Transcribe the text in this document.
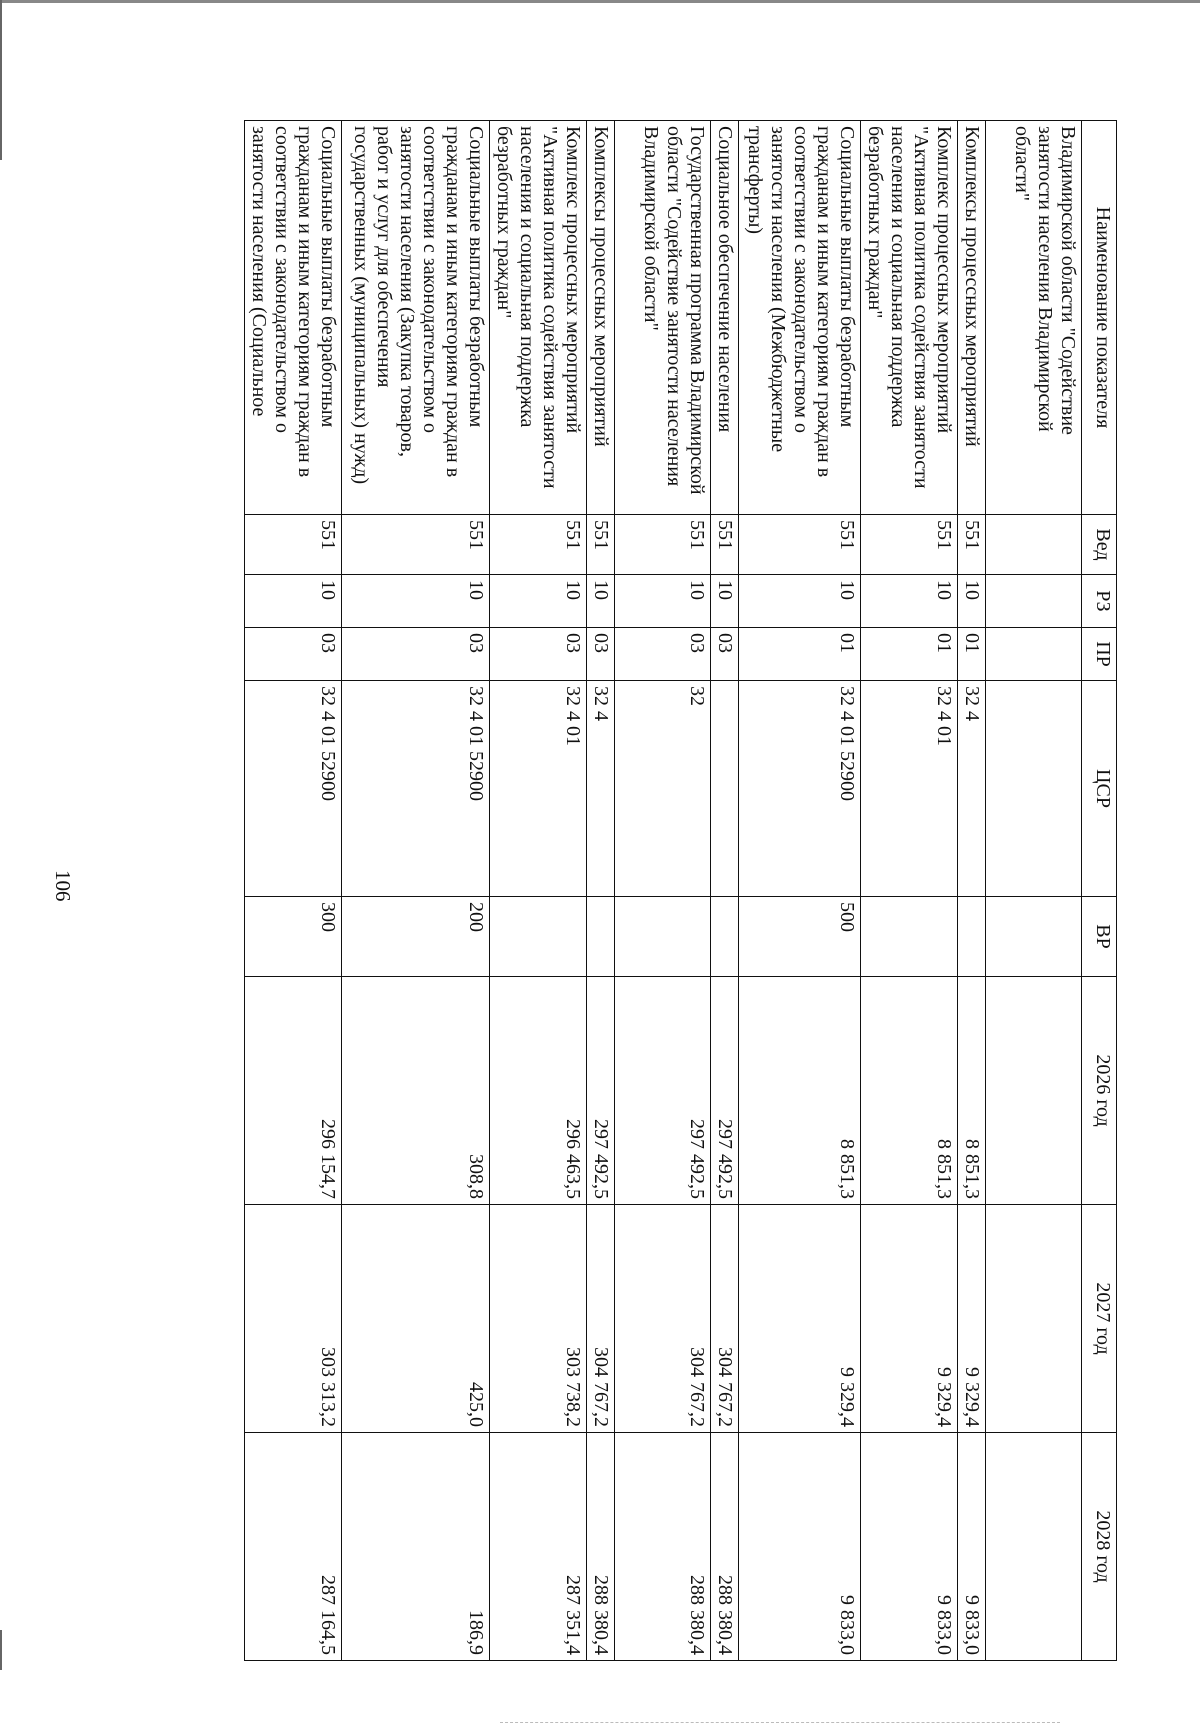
106
Наименование показателя	Вед	РЗ	ПР	ЦСР	ВР	2026 год	2027 год	2028 год
Владимирской области "Содействие занятости населения Владимирской области"								
Комплексы процессных мероприятий	551	10	01	32 4		8 851,3	9 329,4	9 833,0
Комплекс процессных мероприятий "Активная политика содействия занятости населения и социальная поддержка безработных граждан"	551	10	01	32 4 01		8 851,3	9 329,4	9 833,0
Социальные выплаты безработным гражданам и иным категориям граждан в соответствии с законодательством о занятости населения (Межбюджетные трансферты)	551	10	01	32 4 01 52900	500	8 851,3	9 329,4	9 833,0
Социальное обеспечение населения	551	10	03			297 492,5	304 767,2	288 380,4
Государственная программа Владимирской области "Содействие занятости населения Владимирской области"	551	10	03	32		297 492,5	304 767,2	288 380,4
Комплексы процессных мероприятий	551	10	03	32 4		297 492,5	304 767,2	288 380,4
Комплекс процессных мероприятий "Активная политика содействия занятости населения и социальная поддержка безработных граждан"	551	10	03	32 4 01		296 463,5	303 738,2	287 351,4
Социальные выплаты безработным гражданам и иным категориям граждан в соответствии с законодательством о занятости населения (Закупка товаров, работ и услуг для обеспечения государственных (муниципальных) нужд)	551	10	03	32 4 01 52900	200	308,8	425,0	186,9
Социальные выплаты безработным гражданам и иным категориям граждан в соответствии с законодательством о занятости населения (Социальное	551	10	03	32 4 01 52900	300	296 154,7	303 313,2	287 164,5
